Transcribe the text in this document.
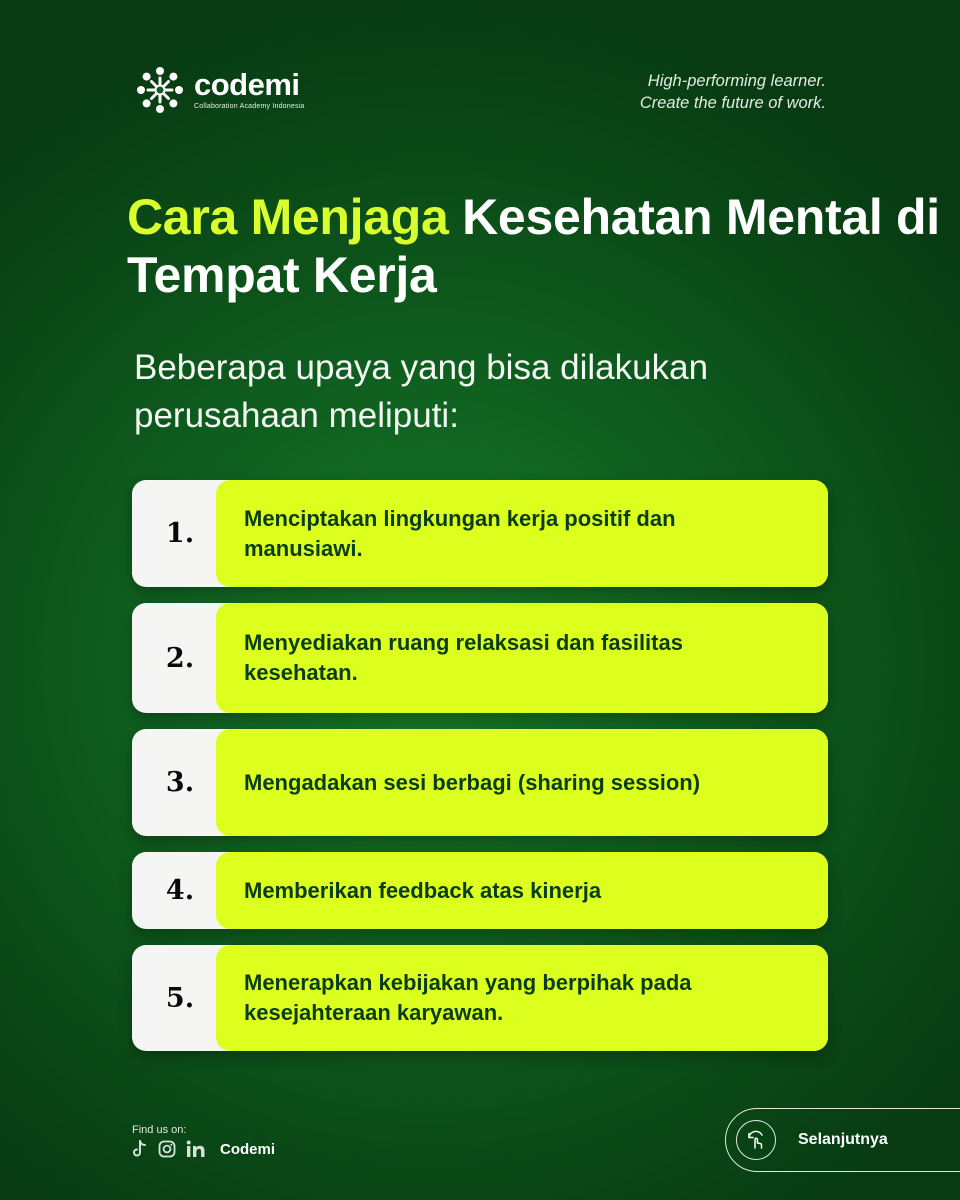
codemi
Collaboration Academy Indonesia
High-performing learner.
Create the future of work.
Cara Menjaga Kesehatan Mental di Tempat Kerja

Beberapa upaya yang bisa dilakukan perusahaan meliputi:

1.	Menciptakan lingkungan kerja positif dan manusiawi.
2.	Menyediakan ruang relaksasi dan fasilitas kesehatan.
3.	Mengadakan sesi berbagi (sharing session)
4.	Memberikan feedback atas kinerja
5.	Menerapkan kebijakan yang berpihak pada kesejahteraan karyawan.
Find us on:
Codemi
Selanjutnya
